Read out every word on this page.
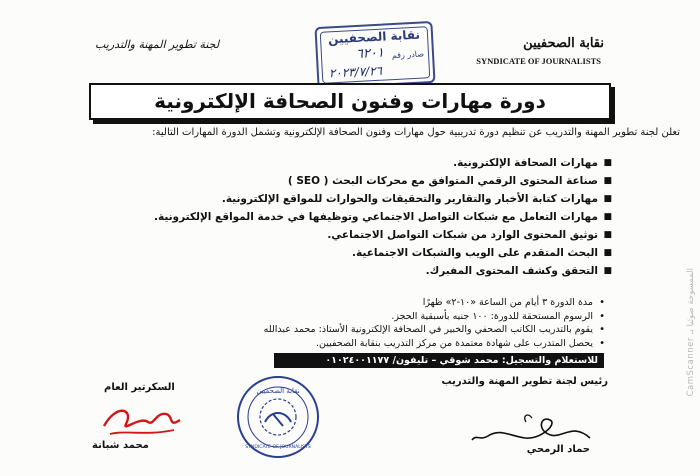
نقابة الصحفيين
SYNDICATE OF JOURNALISTS
لجنة تطوير المهنة والتدريب	نقابة الصحفيين
٦٢٠١ صادر رقم
٢٠٢٣/٧/٢٦
دورة مهارات وفنون الصحافة الإلكترونية

تعلن لجنة تطوير المهنة والتدريب عن تنظيم دورة تدريبية حول مهارات وفنون الصحافة الإلكترونية وتشمل الدورة المهارات التالية:

■ مهارات الصحافة الإلكترونية.
■ صناعة المحتوى الرقمي المتوافق مع محركات البحث ( SEO )
■ مهارات كتابة الأخبار والتقارير والتحقيقات والحوارات للمواقع الإلكترونية.
■ مهارات التعامل مع شبكات التواصل الاجتماعي وتوظيفها في خدمة المواقع الإلكترونية.
■ توثيق المحتوى الوارد من شبكات التواصل الاجتماعي.
■ البحث المتقدم على الويب والشبكات الاجتماعية.
■ التحقق وكشف المحتوى المفبرك.
• مدة الدورة ٣ أيام من الساعة «١٠-٢» ظهرًا
• الرسوم المستحقة للدورة: ١٠٠ جنيه بأسبقية الحجز.
• يقوم بالتدريب الكاتب الصحفي والخبير في الصحافة الإلكترونية الأستاذ: محمد عبدالله
• يحصل المتدرب على شهادة معتمدة من مركز التدريب بنقابة الصحفيين.
للاستعلام والتسجيل: محمد شوقي – تليفون/ ٠١٠٢٤٠٠١١٧٧
رئيس لجنة تطوير المهنة والتدريب
حماد الرمحي
نقابة الصحفيين
SYNDICATE OF JOURNALISTS
السكرتير العام
محمد شبانة
CamScanner الممسوحة ضوئيا بـ
